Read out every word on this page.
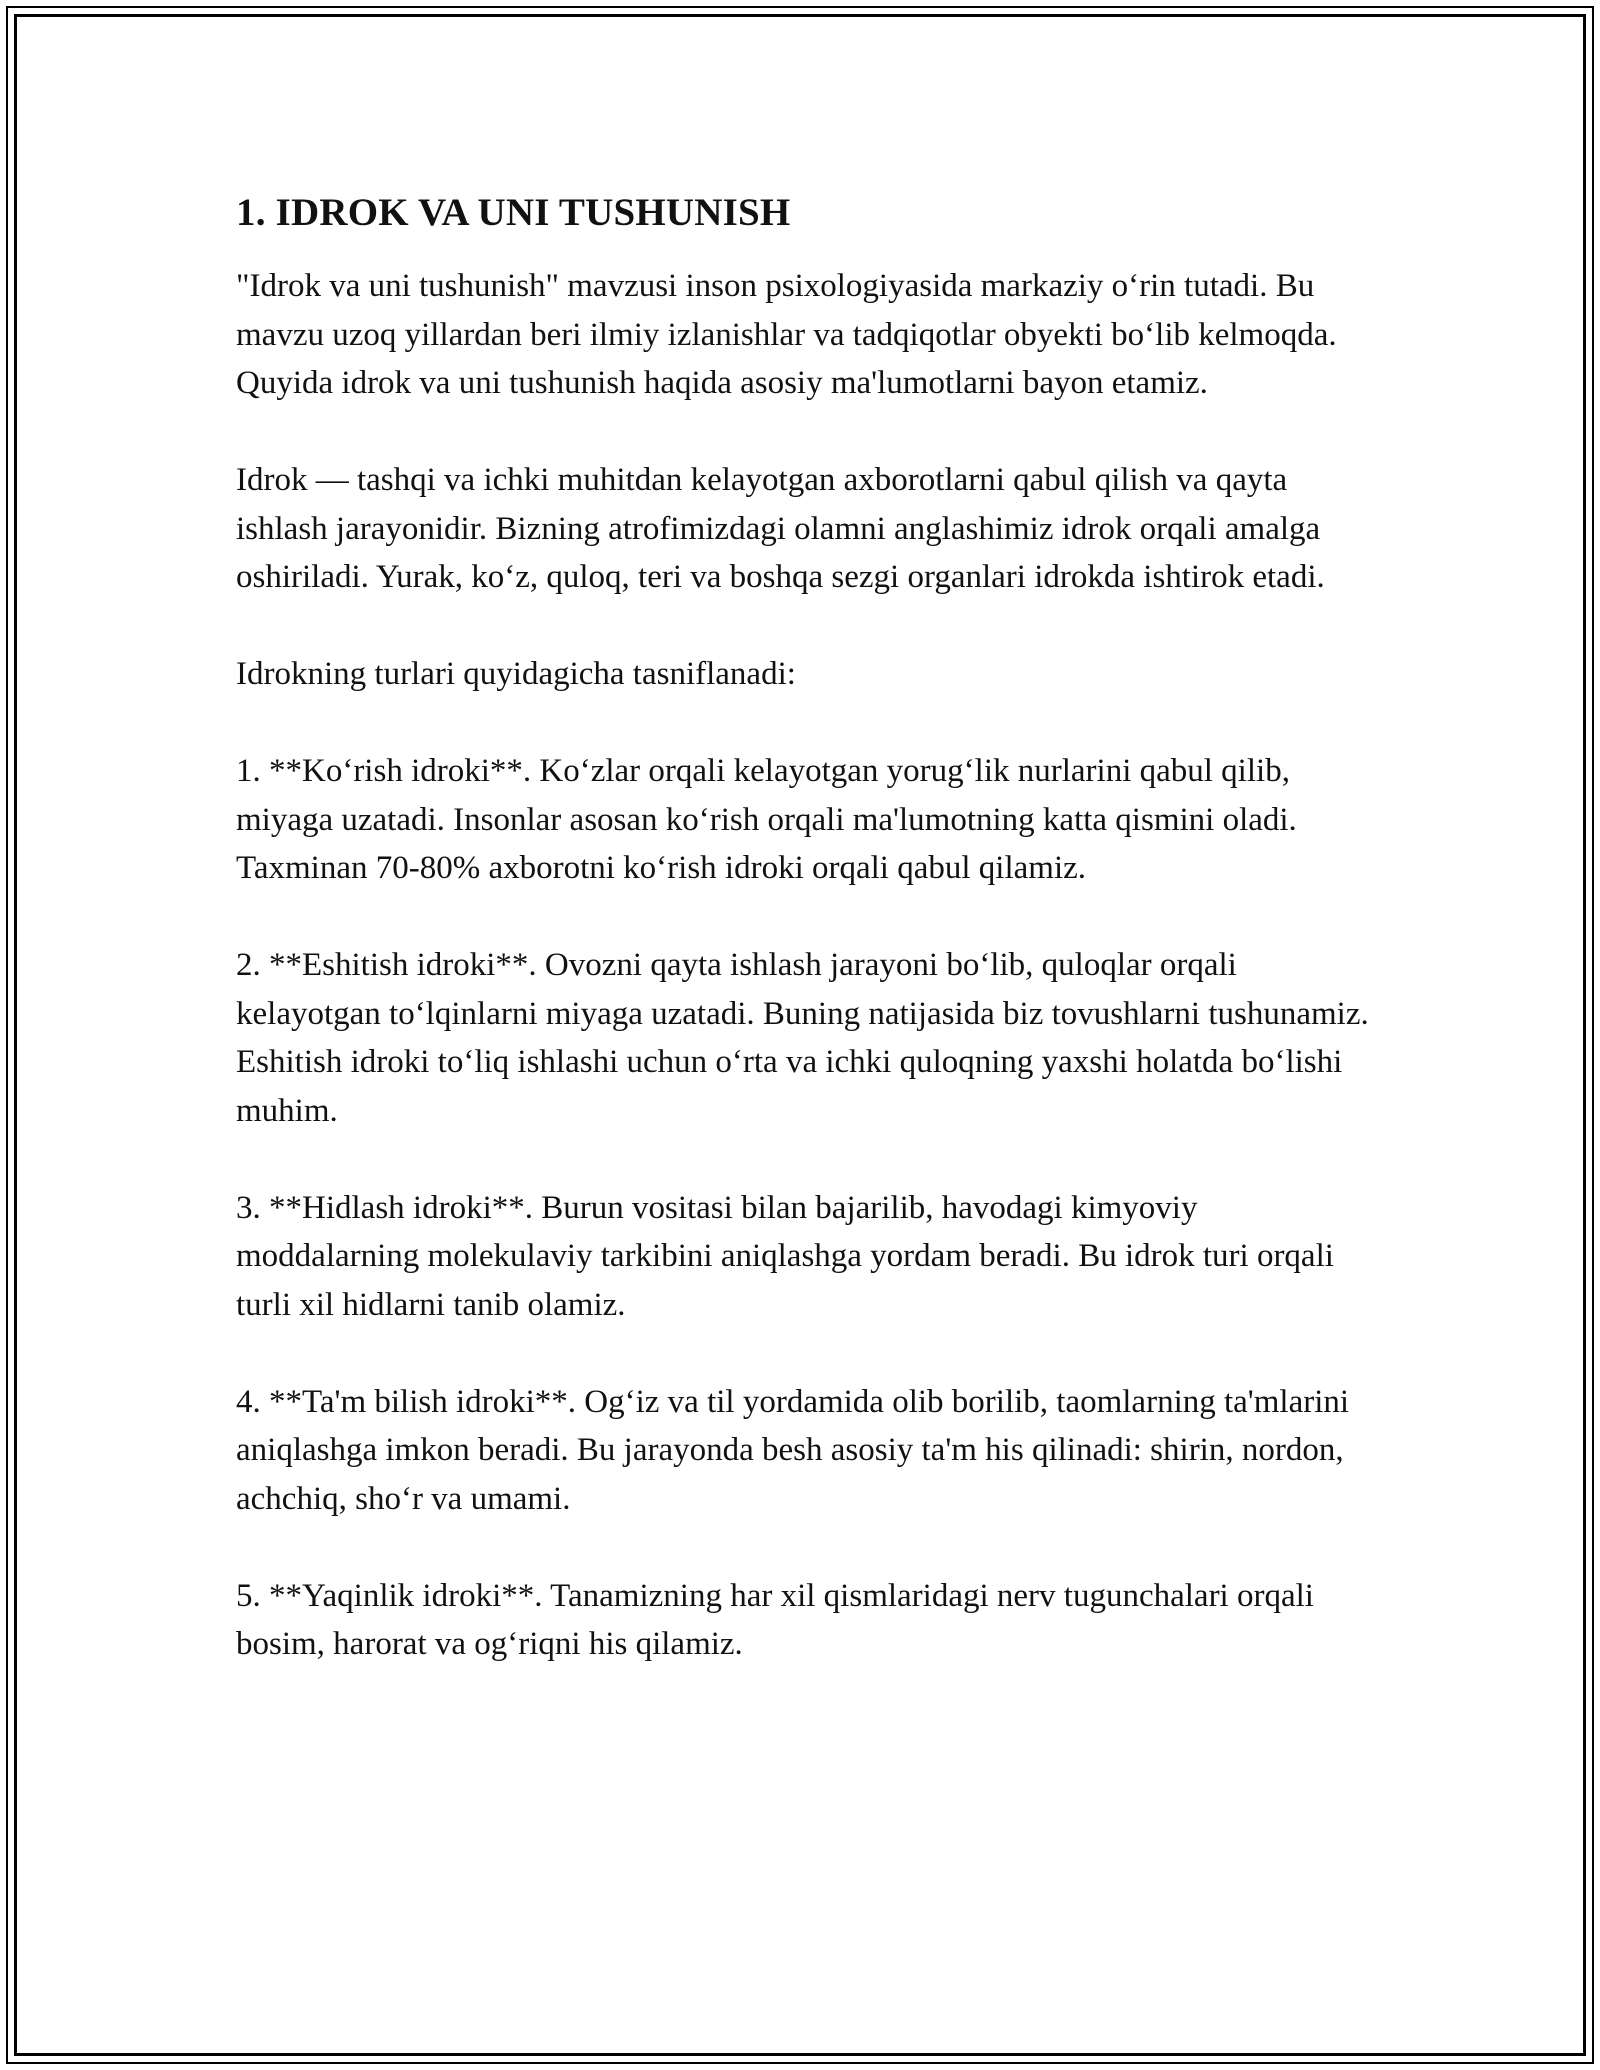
1. IDROK VA UNI TUSHUNISH

"Idrok va uni tushunish" mavzusi inson psixologiyasida markaziy o‘rin tutadi. Bu mavzu uzoq yillardan beri ilmiy izlanishlar va tadqiqotlar obyekti bo‘lib kelmoqda. Quyida idrok va uni tushunish haqida asosiy ma'lumotlarni bayon etamiz.

Idrok — tashqi va ichki muhitdan kelayotgan axborotlarni qabul qilish va qayta ishlash jarayonidir. Bizning atrofimizdagi olamni anglashimiz idrok orqali amalga oshiriladi. Yurak, ko‘z, quloq, teri va boshqa sezgi organlari idrokda ishtirok etadi.

Idrokning turlari quyidagicha tasniflanadi:

1. **Ko‘rish idroki**. Ko‘zlar orqali kelayotgan yorug‘lik nurlarini qabul qilib, miyaga uzatadi. Insonlar asosan ko‘rish orqali ma'lumotning katta qismini oladi. Taxminan 70-80% axborotni ko‘rish idroki orqali qabul qilamiz.

2. **Eshitish idroki**. Ovozni qayta ishlash jarayoni bo‘lib, quloqlar orqali kelayotgan to‘lqinlarni miyaga uzatadi. Buning natijasida biz tovushlarni tushunamiz. Eshitish idroki to‘liq ishlashi uchun o‘rta va ichki quloqning yaxshi holatda bo‘lishi muhim.

3. **Hidlash idroki**. Burun vositasi bilan bajarilib, havodagi kimyoviy moddalarning molekulaviy tarkibini aniqlashga yordam beradi. Bu idrok turi orqali turli xil hidlarni tanib olamiz.

4. **Ta'm bilish idroki**. Og‘iz va til yordamida olib borilib, taomlarning ta'mlarini aniqlashga imkon beradi. Bu jarayonda besh asosiy ta'm his qilinadi: shirin, nordon, achchiq, sho‘r va umami.

5. **Yaqinlik idroki**. Tanamizning har xil qismlaridagi nerv tugunchalari orqali bosim, harorat va og‘riqni his qilamiz.
